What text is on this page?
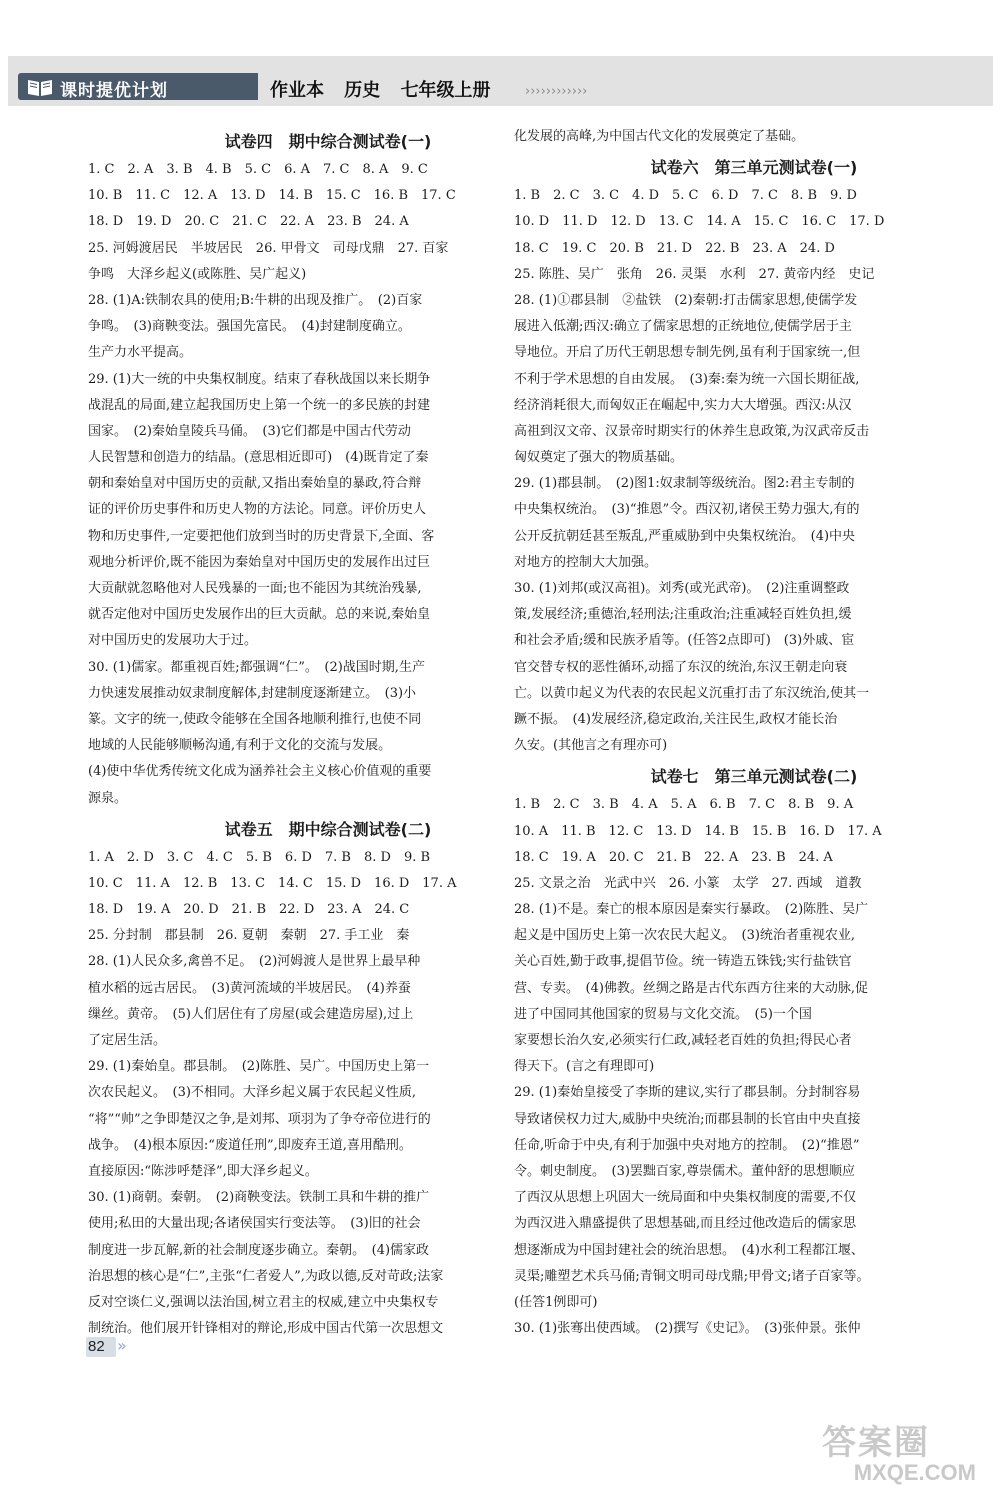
课时提优计划	作业本 历史 七年级上册	››››››››››››
试卷四　期中综合测试卷(一)
1. C　2. A　3. B　4. B　5. C　6. A　7. C　8. A　9. C
10. B　11. C　12. A　13. D　14. B　15. C　16. B　17. C
18. D　19. D　20. C　21. C　22. A　23. B　24. A
25. 河姆渡居民　半坡居民　26. 甲骨文　司母戊鼎　27. 百家
争鸣　大泽乡起义(或陈胜、吴广起义)
28. (1)A:铁制农具的使用;B:牛耕的出现及推广。　(2)百家
争鸣。　(3)商鞅变法。强国先富民。　(4)封建制度确立。
生产力水平提高。
29. (1)大一统的中央集权制度。结束了春秋战国以来长期争
战混乱的局面,建立起我国历史上第一个统一的多民族的封建
国家。　(2)秦始皇陵兵马俑。　(3)它们都是中国古代劳动
人民智慧和创造力的结晶。(意思相近即可)　(4)既肯定了秦
朝和秦始皇对中国历史的贡献,又指出秦始皇的暴政,符合辩
证的评价历史事件和历史人物的方法论。同意。评价历史人
物和历史事件,一定要把他们放到当时的历史背景下,全面、客
观地分析评价,既不能因为秦始皇对中国历史的发展作出过巨
大贡献就忽略他对人民残暴的一面;也不能因为其统治残暴,
就否定他对中国历史发展作出的巨大贡献。总的来说,秦始皇
对中国历史的发展功大于过。
30. (1)儒家。都重视百姓;都强调“仁”。　(2)战国时期,生产
力快速发展推动奴隶制度解体,封建制度逐渐建立。　(3)小
篆。文字的统一,使政令能够在全国各地顺利推行,也使不同
地域的人民能够顺畅沟通,有利于文化的交流与发展。
(4)使中华优秀传统文化成为涵养社会主义核心价值观的重要
源泉。
试卷五　期中综合测试卷(二)
1. A　2. D　3. C　4. C　5. B　6. D　7. B　8. D　9. B
10. C　11. A　12. B　13. C　14. C　15. D　16. D　17. A
18. D　19. A　20. D　21. B　22. D　23. A　24. C
25. 分封制　郡县制　26. 夏朝　秦朝　27. 手工业　秦
28. (1)人民众多,禽兽不足。　(2)河姆渡人是世界上最早种
植水稻的远古居民。　(3)黄河流域的半坡居民。　(4)养蚕
缫丝。黄帝。　(5)人们居住有了房屋(或会建造房屋),过上
了定居生活。
29. (1)秦始皇。郡县制。　(2)陈胜、吴广。中国历史上第一
次农民起义。　(3)不相同。大泽乡起义属于农民起义性质,
“将”“帅”之争即楚汉之争,是刘邦、项羽为了争夺帝位进行的
战争。　(4)根本原因:“废道任刑”,即废弃王道,喜用酷刑。
直接原因:“陈涉呼楚泽”,即大泽乡起义。
30. (1)商朝。秦朝。　(2)商鞅变法。铁制工具和牛耕的推广
使用;私田的大量出现;各诸侯国实行变法等。　(3)旧的社会
制度进一步瓦解,新的社会制度逐步确立。秦朝。　(4)儒家政
治思想的核心是“仁”,主张“仁者爱人”,为政以德,反对苛政;法家
反对空谈仁义,强调以法治国,树立君主的权威,建立中央集权专
制统治。他们展开针锋相对的辩论,形成中国古代第一次思想文
化发展的高峰,为中国古代文化的发展奠定了基础。
试卷六　第三单元测试卷(一)
1. B　2. C　3. C　4. D　5. C　6. D　7. C　8. B　9. D
10. D　11. D　12. D　13. C　14. A　15. C　16. C　17. D
18. C　19. C　20. B　21. D　22. B　23. A　24. D
25. 陈胜、吴广　张角　26. 灵渠　水利　27. 黄帝内经　史记
28. (1)①郡县制　②盐铁　(2)秦朝:打击儒家思想,使儒学发
展进入低潮;西汉:确立了儒家思想的正统地位,使儒学居于主
导地位。开启了历代王朝思想专制先例,虽有利于国家统一,但
不利于学术思想的自由发展。　(3)秦:秦为统一六国长期征战,
经济消耗很大,而匈奴正在崛起中,实力大大增强。西汉:从汉
高祖到汉文帝、汉景帝时期实行的休养生息政策,为汉武帝反击
匈奴奠定了强大的物质基础。
29. (1)郡县制。　(2)图1:奴隶制等级统治。图2:君主专制的
中央集权统治。　(3)“推恩”令。西汉初,诸侯王势力强大,有的
公开反抗朝廷甚至叛乱,严重威胁到中央集权统治。　(4)中央
对地方的控制大大加强。
30. (1)刘邦(或汉高祖)。刘秀(或光武帝)。　(2)注重调整政
策,发展经济;重德治,轻刑法;注重政治;注重减轻百姓负担,缓
和社会矛盾;缓和民族矛盾等。(任答2点即可)　(3)外戚、宦
官交替专权的恶性循环,动摇了东汉的统治,东汉王朝走向衰
亡。以黄巾起义为代表的农民起义沉重打击了东汉统治,使其一
蹶不振。　(4)发展经济,稳定政治,关注民生,政权才能长治
久安。(其他言之有理亦可)
试卷七　第三单元测试卷(二)
1. B　2. C　3. B　4. A　5. A　6. B　7. C　8. B　9. A
10. A　11. B　12. C　13. D　14. B　15. B　16. D　17. A
18. C　19. A　20. C　21. B　22. A　23. B　24. A
25. 文景之治　光武中兴　26. 小篆　太学　27. 西域　道教
28. (1)不是。秦亡的根本原因是秦实行暴政。　(2)陈胜、吴广
起义是中国历史上第一次农民大起义。　(3)统治者重视农业,
关心百姓,勤于政事,提倡节俭。统一铸造五铢钱;实行盐铁官
营、专卖。　(4)佛教。丝绸之路是古代东西方往来的大动脉,促
进了中国同其他国家的贸易与文化交流。　(5)一个国
家要想长治久安,必须实行仁政,减轻老百姓的负担;得民心者
得天下。(言之有理即可)
29. (1)秦始皇接受了李斯的建议,实行了郡县制。分封制容易
导致诸侯权力过大,威胁中央统治;而郡县制的长官由中央直接
任命,听命于中央,有利于加强中央对地方的控制。　(2)“推恩”
令。刺史制度。　(3)罢黜百家,尊崇儒术。董仲舒的思想顺应
了西汉从思想上巩固大一统局面和中央集权制度的需要,不仅
为西汉进入鼎盛提供了思想基础,而且经过他改造后的儒家思
想逐渐成为中国封建社会的统治思想。　(4)水利工程都江堰、
灵渠;雕塑艺术兵马俑;青铜文明司母戊鼎;甲骨文;诸子百家等。
(任答1例即可)
30. (1)张骞出使西域。　(2)撰写《史记》。　(3)张仲景。张仲
82 »
答案圈
MXQE.COM
